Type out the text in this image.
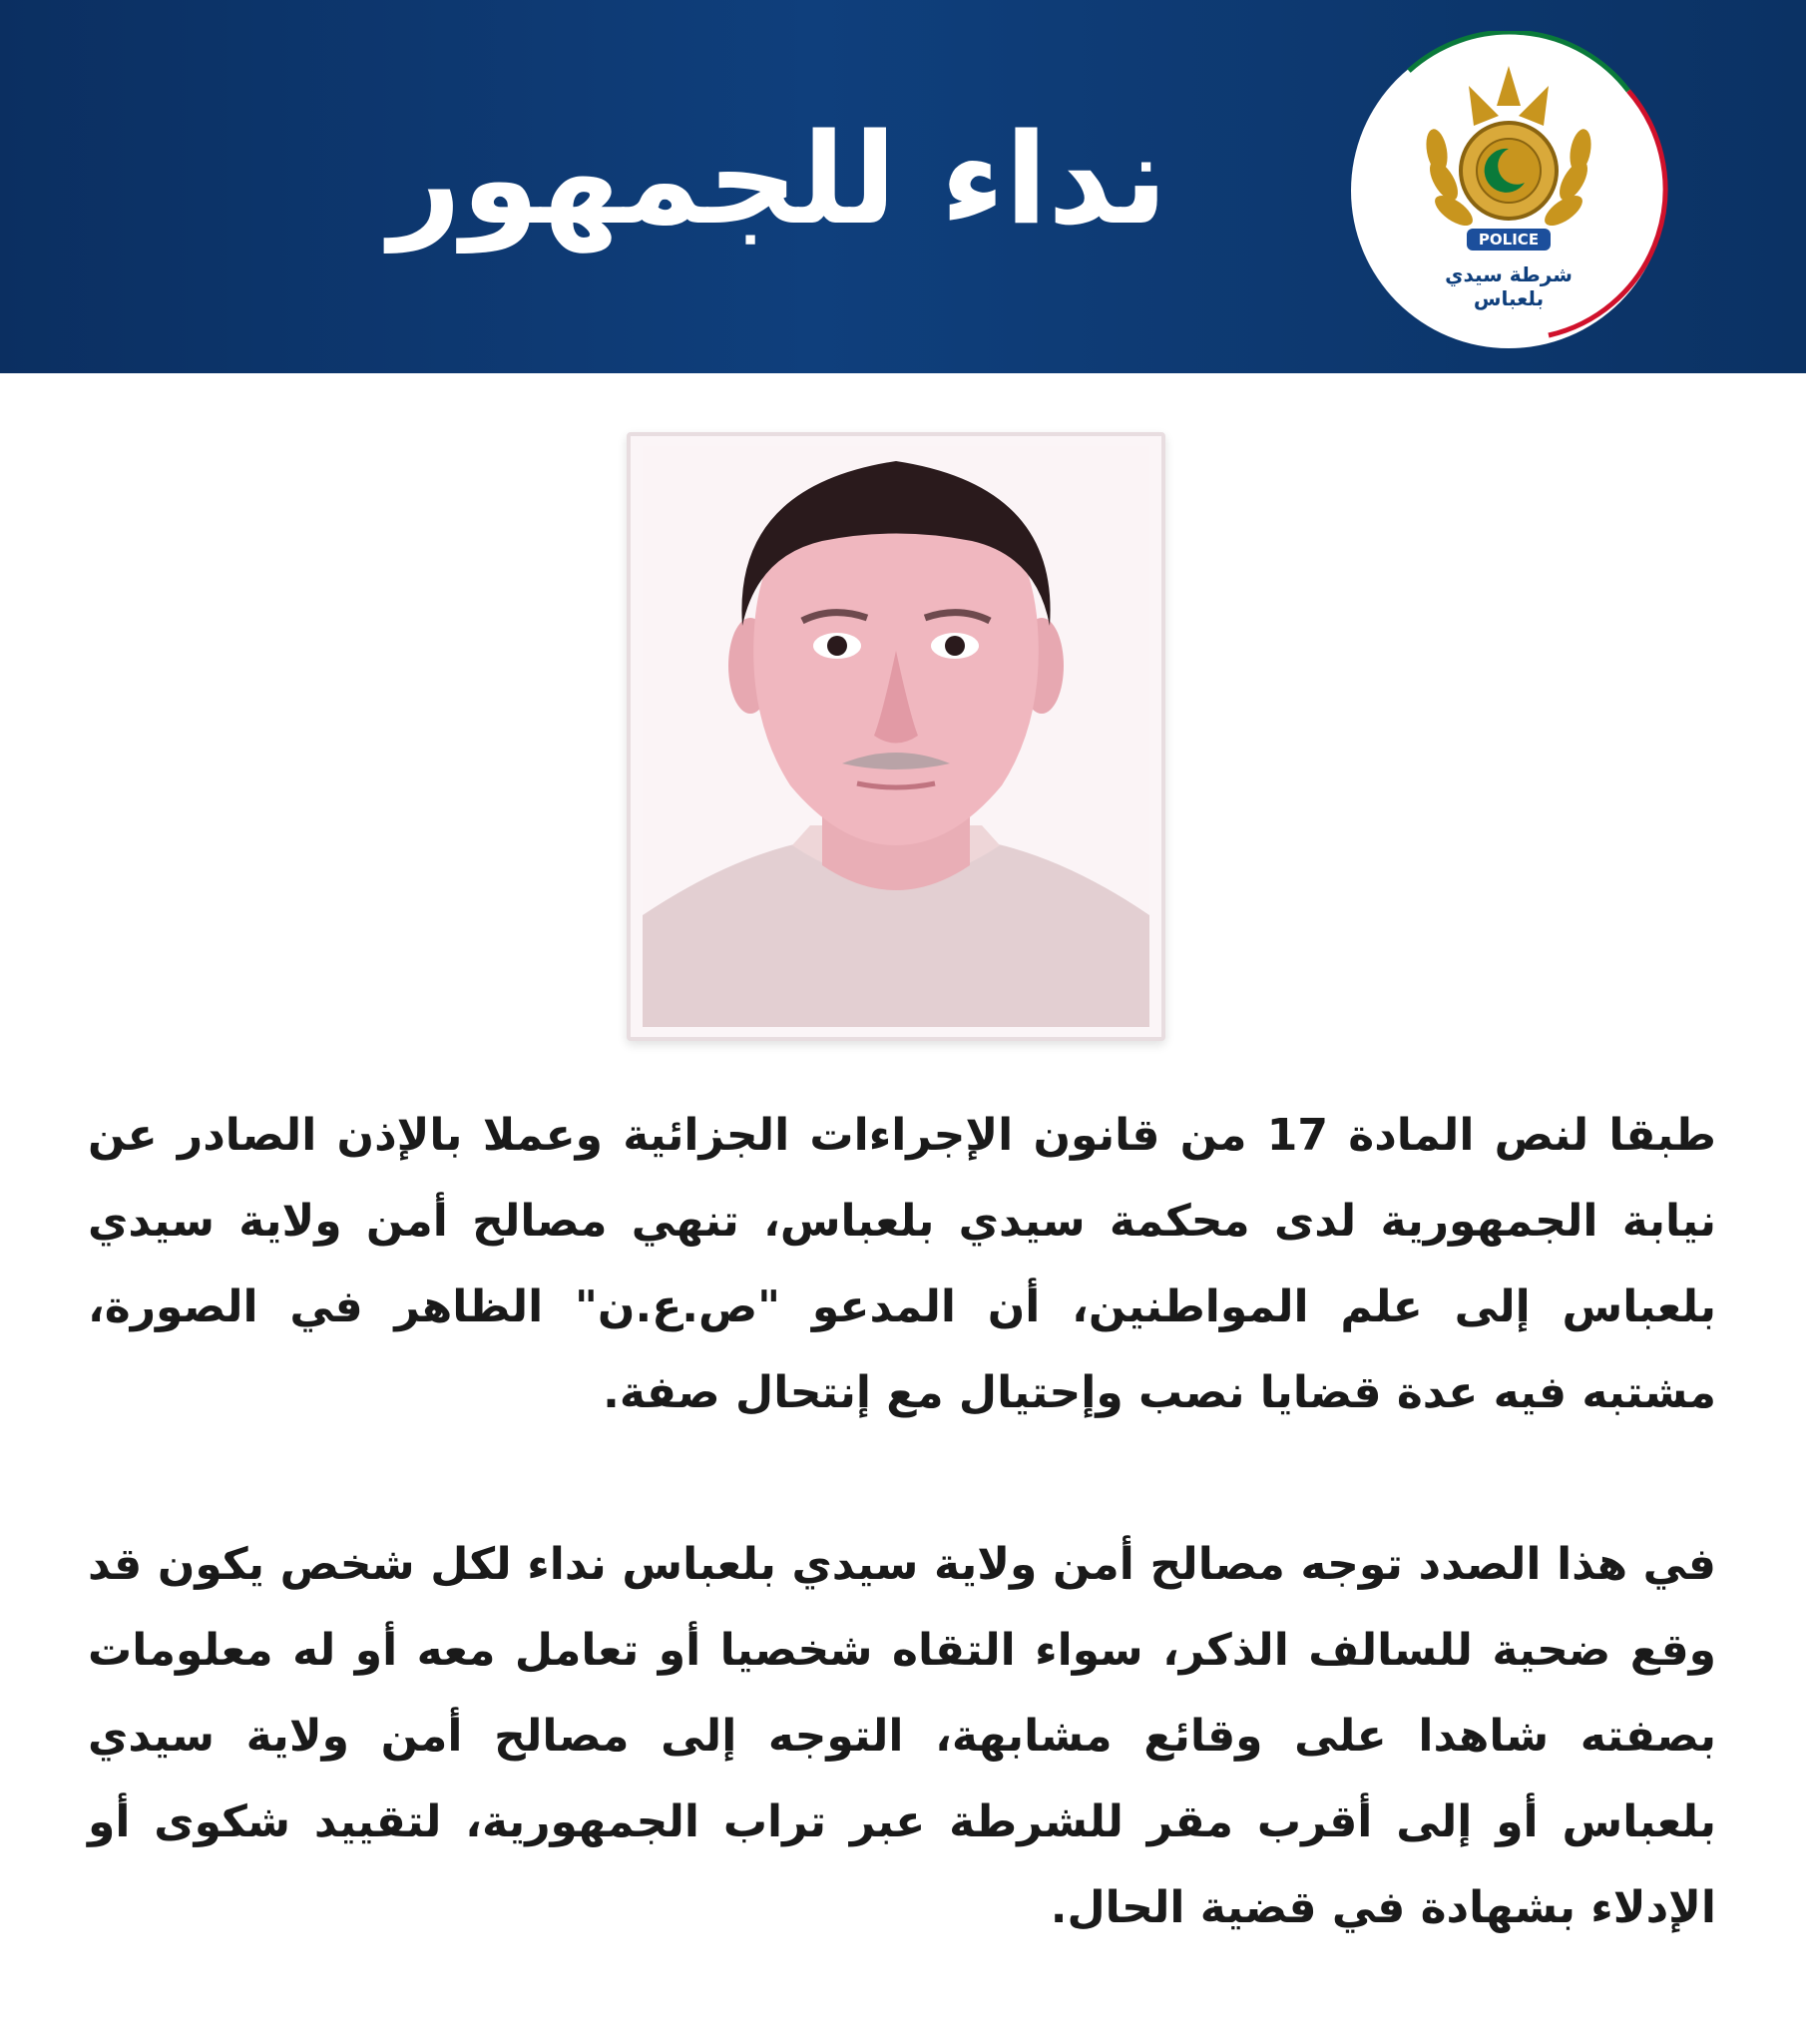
نداء للجمهور	POLICE
شرطة سيدي بلعباس

طبقا لنص المادة 17 من قانون الإجراءات الجزائية وعملا بالإذن الصادر عن نيابة الجمهورية لدى محكمة سيدي بلعباس، تنهي مصالح أمن ولاية سيدي بلعباس إلى علم المواطنين، أن المدعو "ص.ع.ن" الظاهر في الصورة، مشتبه فيه عدة قضايا نصب وإحتيال مع إنتحال صفة.

في هذا الصدد توجه مصالح أمن ولاية سيدي بلعباس نداء لكل شخص يكون قد وقع ضحية للسالف الذكر، سواء التقاه شخصيا أو تعامل معه أو له معلومات بصفته شاهدا على وقائع مشابهة، التوجه إلى مصالح أمن ولاية سيدي بلعباس أو إلى أقرب مقر للشرطة عبر تراب الجمهورية، لتقييد شكوى أو الإدلاء بشهادة في قضية الحال.
